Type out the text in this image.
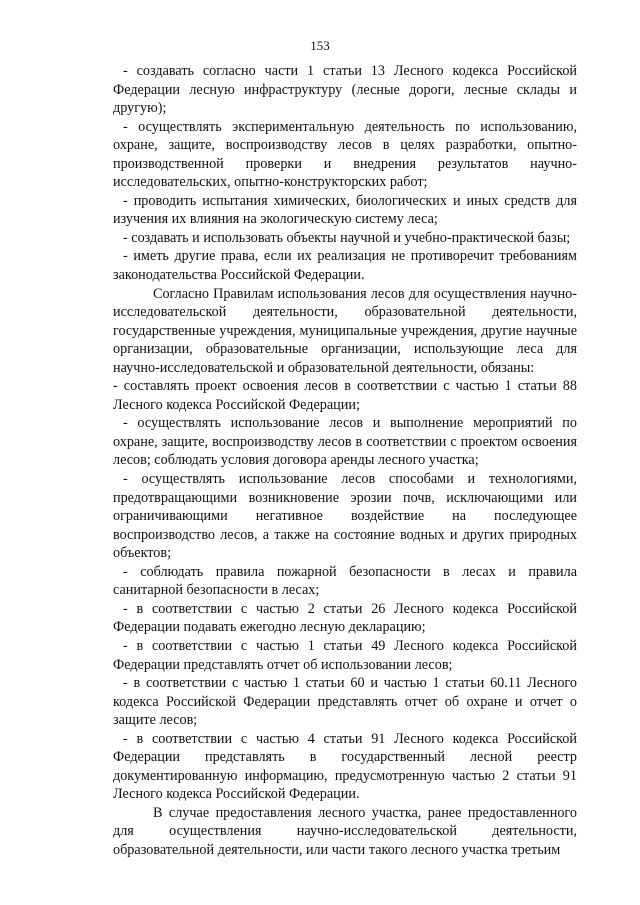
153

- создавать согласно части 1 статьи 13 Лесного кодекса Российской Федерации лесную инфраструктуру (лесные дороги, лесные склады и другую);

- осуществлять экспериментальную деятельность по использованию, охране, защите, воспроизводству лесов в целях разработки, опытно-производственной проверки и внедрения результатов научно-исследовательских, опытно-конструкторских работ;

- проводить испытания химических, биологических и иных средств для изучения их влияния на экологическую систему леса;

- создавать и использовать объекты научной и учебно-практической базы;

- иметь другие права, если их реализация не противоречит требованиям законодательства Российской Федерации.

Согласно Правилам использования лесов для осуществления научно-исследовательской деятельности, образовательной деятельности, государственные учреждения, муниципальные учреждения, другие научные организации, образовательные организации, использующие леса для научно-исследовательской и образовательной деятельности, обязаны:

- составлять проект освоения лесов в соответствии с частью 1 статьи 88 Лесного кодекса Российской Федерации;

- осуществлять использование лесов и выполнение мероприятий по охране, защите, воспроизводству лесов в соответствии с проектом освоения лесов; соблюдать условия договора аренды лесного участка;

- осуществлять использование лесов способами и технологиями, предотвращающими возникновение эрозии почв, исключающими или ограничивающими негативное воздействие на последующее воспроизводство лесов, а также на состояние водных и других природных объектов;

- соблюдать правила пожарной безопасности в лесах и правила санитарной безопасности в лесах;

- в соответствии с частью 2 статьи 26 Лесного кодекса Российской Федерации подавать ежегодно лесную декларацию;

- в соответствии с частью 1 статьи 49 Лесного кодекса Российской Федерации представлять отчет об использовании лесов;

- в соответствии с частью 1 статьи 60 и частью 1 статьи 60.11 Лесного кодекса Российской Федерации представлять отчет об охране и отчет о защите лесов;

- в соответствии с частью 4 статьи 91 Лесного кодекса Российской Федерации представлять в государственный лесной реестр документированную информацию, предусмотренную частью 2 статьи 91 Лесного кодекса Российской Федерации.

В случае предоставления лесного участка, ранее предоставленного для осуществления научно-исследовательской деятельности, образовательной деятельности, или части такого лесного участка третьим
